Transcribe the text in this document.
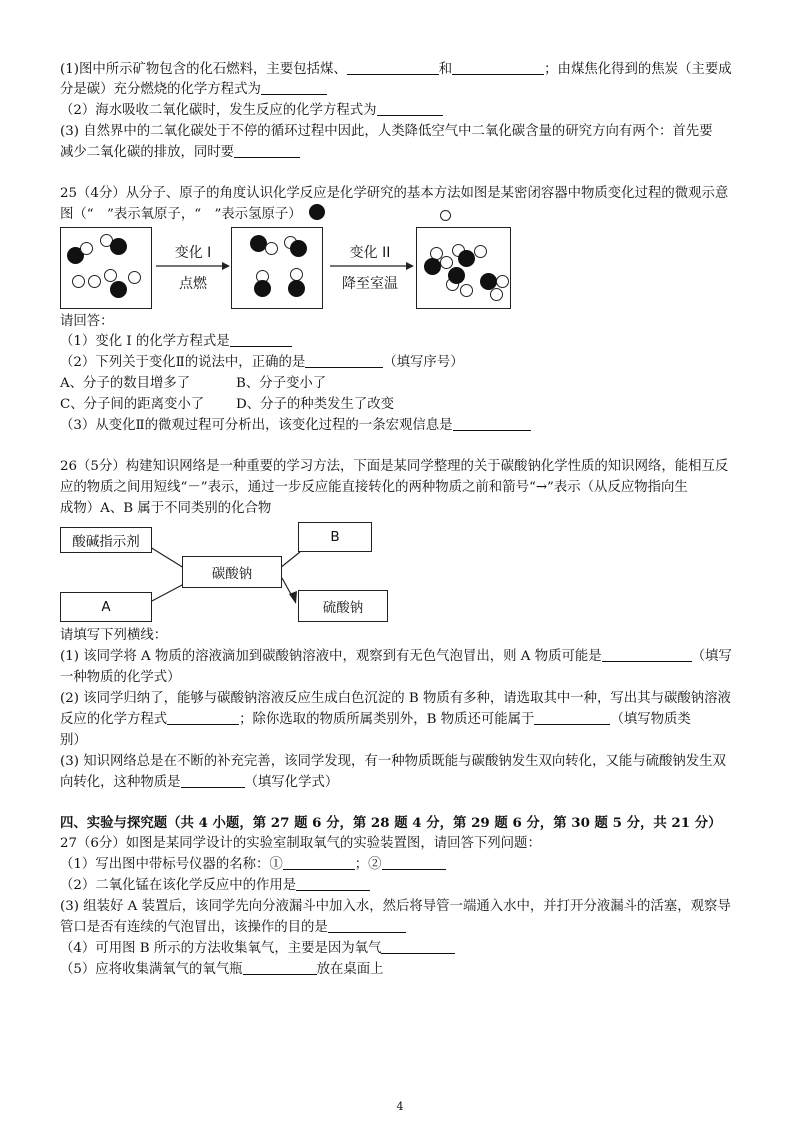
(1)图中所示矿物包含的化石燃料，主要包括煤、	和	；由煤焦化得到的焦炭（主要成
分是碳）充分燃烧的化学方程式为
（2）海水吸收二氧化碳时，发生反应的化学方程式为
(3) 自然界中的二氧化碳处于不停的循环过程中因此，人类降低空气中二氧化碳含量的研究方向有两个：首先要
减少二氧化碳的排放，同时要
25（4分）从分子、原子的角度认识化学反应是化学研究的基本方法如图是某密闭容器中物质变化过程的微观示意
图（“　”表示氧原子，“　”表示氢原子）
变化 I
点燃
变化 II
降至室温
请回答：
（1）变化 I 的化学方程式是
（2）下列关于变化Ⅱ的说法中，正确的是	（填写序号）
A、分子的数目增多了	B、分子变小了
C、分子间的距离变小了 D、分子的种类发生了改变
（3）从变化Ⅱ的微观过程可分析出，该变化过程的一条宏观信息是
26（5分）构建知识网络是一种重要的学习方法，下面是某同学整理的关于碳酸钠化学性质的知识网络，能相互反
应的物质之间用短线“－”表示，通过一步反应能直接转化的两种物质之前和箭号“→”表示（从反应物指向生
成物）A、B 属于不同类别的化合物
酸碱指示剂
碳酸钠
B
A	硫酸钠
请填写下列横线：
(1) 该同学将 A 物质的溶液滴加到碳酸钠溶液中，观察到有无色气泡冒出，则 A 物质可能是	（填写
一种物质的化学式）
(2) 该同学归纳了，能够与碳酸钠溶液反应生成白色沉淀的 B 物质有多种，请选取其中一种，写出其与碳酸钠溶液
反应的化学方程式	；除你选取的物质所属类别外，B 物质还可能属于	（填写物质类
别）
(3) 知识网络总是在不断的补充完善，该同学发现，有一种物质既能与碳酸钠发生双向转化，又能与硫酸钠发生双
向转化，这种物质是	（填写化学式）
四、实验与探究题（共 4 小题，第 27 题 6 分，第 28 题 4 分，第 29 题 6 分，第 30 题 5 分，共 21 分）
27（6分）如图是某同学设计的实验室制取氧气的实验装置图，请回答下列问题：
（1）写出图中带标号仪器的名称：①	；②
（2）二氧化锰在该化学反应中的作用是
(3) 组装好 A 装置后，该同学先向分液漏斗中加入水，然后将导管一端通入水中，并打开分液漏斗的活塞，观察导
管口是否有连续的气泡冒出，该操作的目的是
（4）可用图 B 所示的方法收集氧气，主要是因为氧气
（5）应将收集满氧气的氧气瓶	放在桌面上
4
